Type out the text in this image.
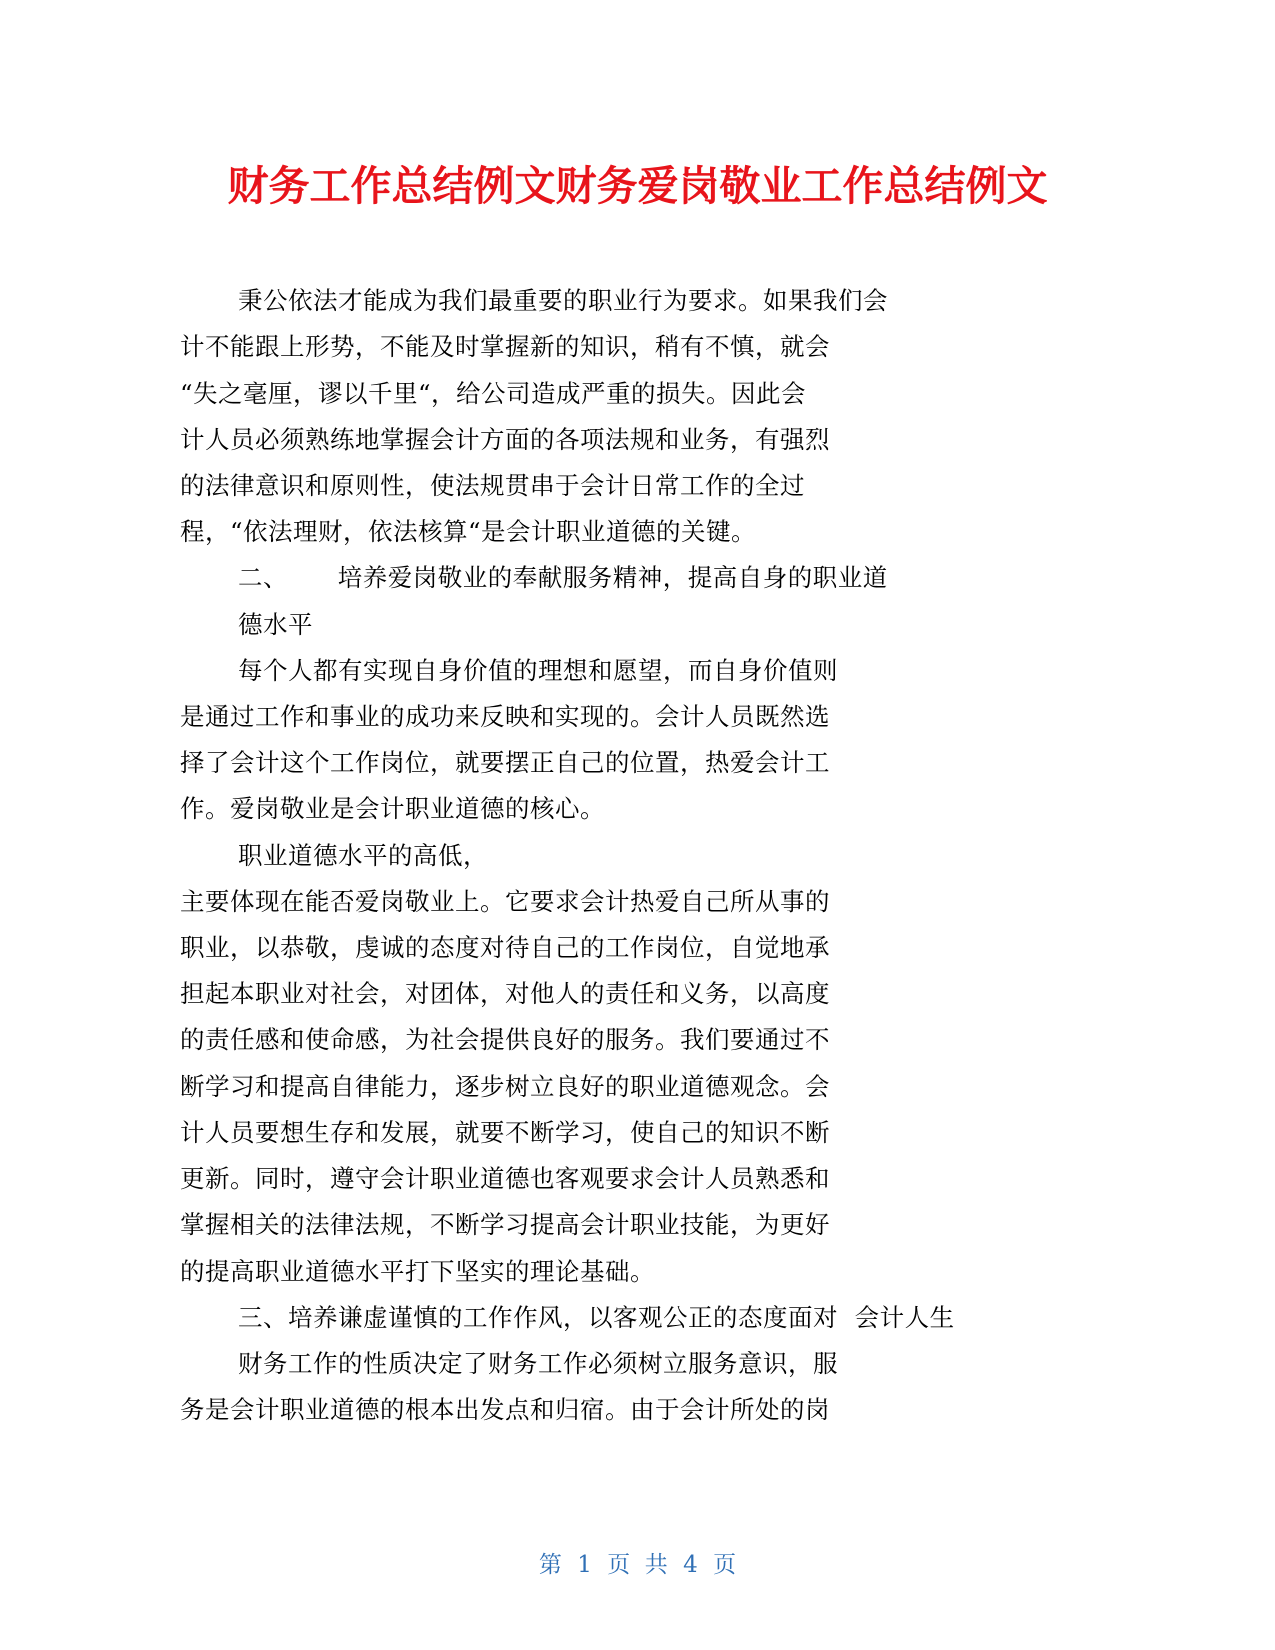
财务工作总结例文财务爱岗敬业工作总结例文
秉公依法才能成为我们最重要的职业行为要求。如果我们会
计不能跟上形势，不能及时掌握新的知识，稍有不慎，就会
“失之毫厘，谬以千里“，给公司造成严重的损失。因此会
计人员必须熟练地掌握会计方面的各项法规和业务，有强烈
的法律意识和原则性，使法规贯串于会计日常工作的全过
程，“依法理财，依法核算“是会计职业道德的关键。
二、      培养爱岗敬业的奉献服务精神，提高自身的职业道
德水平
每个人都有实现自身价值的理想和愿望，而自身价值则
是通过工作和事业的成功来反映和实现的。会计人员既然选
择了会计这个工作岗位，就要摆正自己的位置，热爱会计工
作。爱岗敬业是会计职业道德的核心。
职业道德水平的高低，
主要体现在能否爱岗敬业上。它要求会计热爱自己所从事的
职业，以恭敬，虔诚的态度对待自己的工作岗位，自觉地承
担起本职业对社会，对团体，对他人的责任和义务，以高度
的责任感和使命感，为社会提供良好的服务。我们要通过不
断学习和提高自律能力，逐步树立良好的职业道德观念。会
计人员要想生存和发展，就要不断学习，使自己的知识不断
更新。同时，遵守会计职业道德也客观要求会计人员熟悉和
掌握相关的法律法规，不断学习提高会计职业技能，为更好
的提高职业道德水平打下坚实的理论基础。
三、培养谦虚谨慎的工作作风，以客观公正的态度面对  会计人生
财务工作的性质决定了财务工作必须树立服务意识，服
务是会计职业道德的根本出发点和归宿。由于会计所处的岗
第 1 页  共 4 页
